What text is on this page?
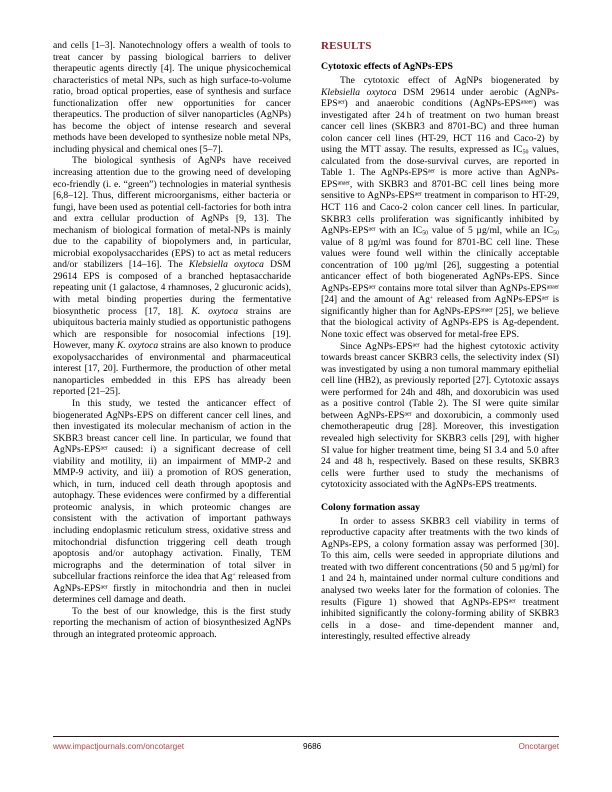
and cells [1–3]. Nanotechnology offers a wealth of tools to treat cancer by passing biological barriers to deliver therapeutic agents directly [4]. The unique physicochemical characteristics of metal NPs, such as high surface-to-volume ratio, broad optical properties, ease of synthesis and surface functionalization offer new opportunities for cancer therapeutics. The production of silver nanoparticles (AgNPs) has become the object of intense research and several methods have been developed to synthesize noble metal NPs, including physical and chemical ones [5–7].

The biological synthesis of AgNPs have received increasing attention due to the growing need of developing eco-friendly (i. e. “green”) technologies in material synthesis [6,8–12]. Thus, different microorganisms, either bacteria or fungi, have been used as potential cell-factories for both intra and extra cellular production of AgNPs [9, 13]. The mechanism of biological formation of metal-NPs is mainly due to the capability of biopolymers and, in particular, microbial exopolysaccharides (EPS) to act as metal reducers and/or stabilizers [14–16]. The Klebsiella oxytoca DSM 29614 EPS is composed of a branched heptasaccharide repeating unit (1 galactose, 4 rhamnoses, 2 glucuronic acids), with metal binding properties during the fermentative biosynthetic process [17, 18]. K. oxytoca strains are ubiquitous bacteria mainly studied as opportunistic pathogens which are responsible for nosocomial infections [19]. However, many K. oxytoca strains are also known to produce exopolysaccharides of environmental and pharmaceutical interest [17, 20]. Furthermore, the production of other metal nanoparticles embedded in this EPS has already been reported [21–25].

In this study, we tested the anticancer effect of biogenerated AgNPs-EPS on different cancer cell lines, and then investigated its molecular mechanism of action in the SKBR3 breast cancer cell line. In particular, we found that AgNPs-$EPS^{aer}$ caused: i) a significant decrease of cell viability and motility, ii) an impairment of MMP-2 and MMP-9 activity, and iii) a promotion of ROS generation, which, in turn, induced cell death through apoptosis and autophagy. These evidences were confirmed by a differential proteomic analysis, in which proteomic changes are consistent with the activation of important pathways including endoplasmic reticulum stress, oxidative stress and mitochondrial disfunction triggering cell death trough apoptosis and/or autophagy activation. Finally, TEM micrographs and the determination of total silver in subcellular fractions reinforce the idea that Ag+ released from AgNPs-$EPS^{aer}$ firstly in mitochondria and then in nuclei determines cell damage and death.

To the best of our knowledge, this is the first study reporting the mechanism of action of biosynthesized AgNPs through an integrated proteomic approach.

RESULTS
Cytotoxic effects of AgNPs-EPS

The cytotoxic effect of AgNPs biogenerated by Klebsiella oxytoca DSM 29614 under aerobic $(AgNPs-EPS^{aer})$ and anaerobic conditions $(AgNPs-EPS^{anaer})$ was investigated after 24 h of treatment on two human breast cancer cell lines (SKBR3 and 8701-BC) and three human colon cancer cell lines (HT-29, HCT 116 and Caco-2) by using the MTT assay. The results, expressed as $IC_{50}$ values, calculated from the dose-survival curves, are reported in Table 1. The AgNPs-$EPS^{aer}$ is more active than AgNPs-$EPS^{anaer}$, with SKBR3 and 8701-BC cell lines being more sensitive to AgNPs-$EPS^{aer}$ treatment in comparison to HT-29, HCT 116 and Caco-2 colon cancer cell lines. In particular, SKBR3 cells proliferation was significantly inhibited by AgNPs-$EPS^{aer}$ with an $IC_{50}$ value of 5 µg/ml, while an $IC_{50}$ value of 8 µg/ml was found for 8701-BC cell line. These values were found well within the clinically acceptable concentration of 100 µg/ml [26], suggesting a potential anticancer effect of both biogenerated AgNPs-EPS. Since AgNPs-$EPS^{aer}$ contains more total silver than AgNPs-$EPS^{anaer}$ [24] and the amount of Ag+ released from AgNPs-$EPS^{aer}$ is significantly higher than for AgNPs-$EPS^{anaer}$ [25], we believe that the biological activity of AgNPs-EPS is Ag-dependent. None toxic effect was observed for metal-free EPS.

Since AgNPs-$EPS^{aer}$ had the highest cytotoxic activity towards breast cancer SKBR3 cells, the selectivity index (SI) was investigated by using a non tumoral mammary epithelial cell line (HB2), as previously reported [27]. Cytotoxic assays were performed for 24h and 48h, and doxorubicin was used as a positive control (Table 2). The SI were quite similar between AgNPs-$EPS^{aer}$ and doxorubicin, a commonly used chemotherapeutic drug [28]. Moreover, this investigation revealed high selectivity for SKBR3 cells [29], with higher SI value for higher treatment time, being SI 3.4 and 5.0 after 24 and 48 h, respectively. Based on these results, SKBR3 cells were further used to study the mechanisms of cytotoxicity associated with the AgNPs-EPS treatments.

Colony formation assay

In order to assess SKBR3 cell viability in terms of reproductive capacity after treatments with the two kinds of AgNPs-EPS, a colony formation assay was performed [30]. To this aim, cells were seeded in appropriate dilutions and treated with two different concentrations (50 and 5 µg/ml) for 1 and 24 h, maintained under normal culture conditions and analysed two weeks later for the formation of colonies. The results (Figure 1) showed that AgNPs-$EPS^{aer}$ treatment inhibited significantly the colony-forming ability of SKBR3 cells in a dose- and time-dependent manner and, interestingly, resulted effective already

www.impactjournals.com/oncotarget	9686	Oncotarget
